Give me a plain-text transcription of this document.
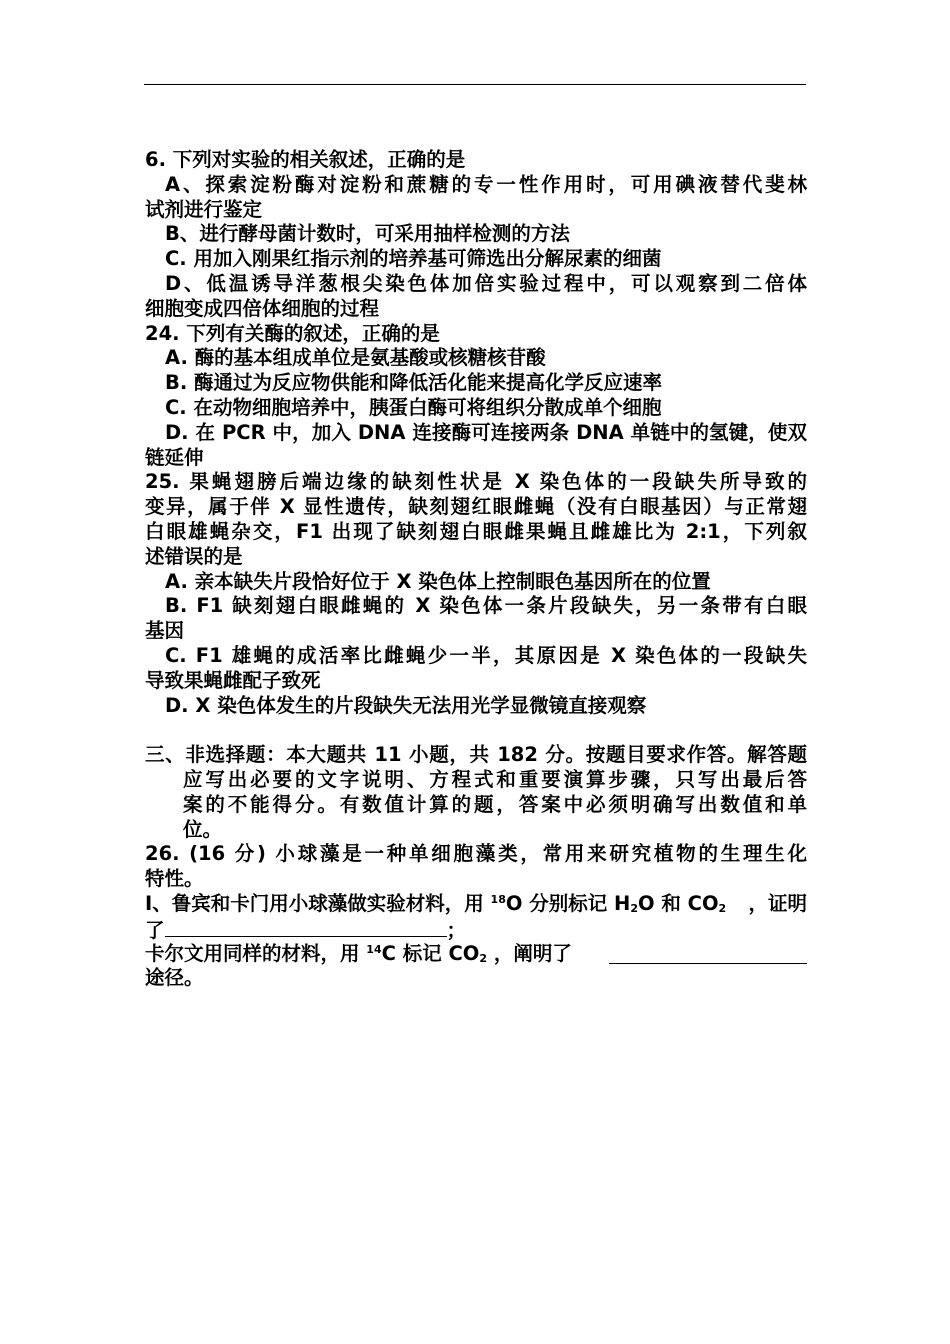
6. 下列对实验的相关叙述，正确的是
A、探索淀粉酶对淀粉和蔗糖的专一性作用时，可用碘液替代斐林
试剂进行鉴定
B、进行酵母菌计数时，可采用抽样检测的方法
C. 用加入刚果红指示剂的培养基可筛选出分解尿素的细菌
D、低温诱导洋葱根尖染色体加倍实验过程中，可以观察到二倍体
细胞变成四倍体细胞的过程
24. 下列有关酶的叙述，正确的是
A. 酶的基本组成单位是氨基酸或核糖核苷酸
B. 酶通过为反应物供能和降低活化能来提高化学反应速率
C. 在动物细胞培养中，胰蛋白酶可将组织分散成单个细胞
D. 在 PCR 中，加入 DNA 连接酶可连接两条 DNA 单链中的氢键，使双
链延伸
25. 果蝇翅膀后端边缘的缺刻性状是 X 染色体的一段缺失所导致的
变异，属于伴 X 显性遗传，缺刻翅红眼雌蝇（没有白眼基因）与正常翅
白眼雄蝇杂交，F1 出现了缺刻翅白眼雌果蝇且雌雄比为 2:1，下列叙
述错误的是
A. 亲本缺失片段恰好位于 X 染色体上控制眼色基因所在的位置
B. F1 缺刻翅白眼雌蝇的 X 染色体一条片段缺失，另一条带有白眼
基因
C. F1 雄蝇的成活率比雌蝇少一半，其原因是 X 染色体的一段缺失
导致果蝇雌配子致死
D. X 染色体发生的片段缺失无法用光学显微镜直接观察
三、非选择题：本大题共 11 小题，共 182 分。按题目要求作答。解答题
应写出必要的文字说明、方程式和重要演算步骤，只写出最后答
案的不能得分。有数值计算的题，答案中必须明确写出数值和单
位。
26. (16 分) 小球藻是一种单细胞藻类，常用来研究植物的生理生化
特性。
I、鲁宾和卡门用小球藻做实验材料，用 $^{18}$O 分别标记 $H_2O$ 和 $CO_2$ ，证明
了	；
卡尔文用同样的材料，用 $^{14}$C 标记 $CO_2$ ，阐明了
途径。
